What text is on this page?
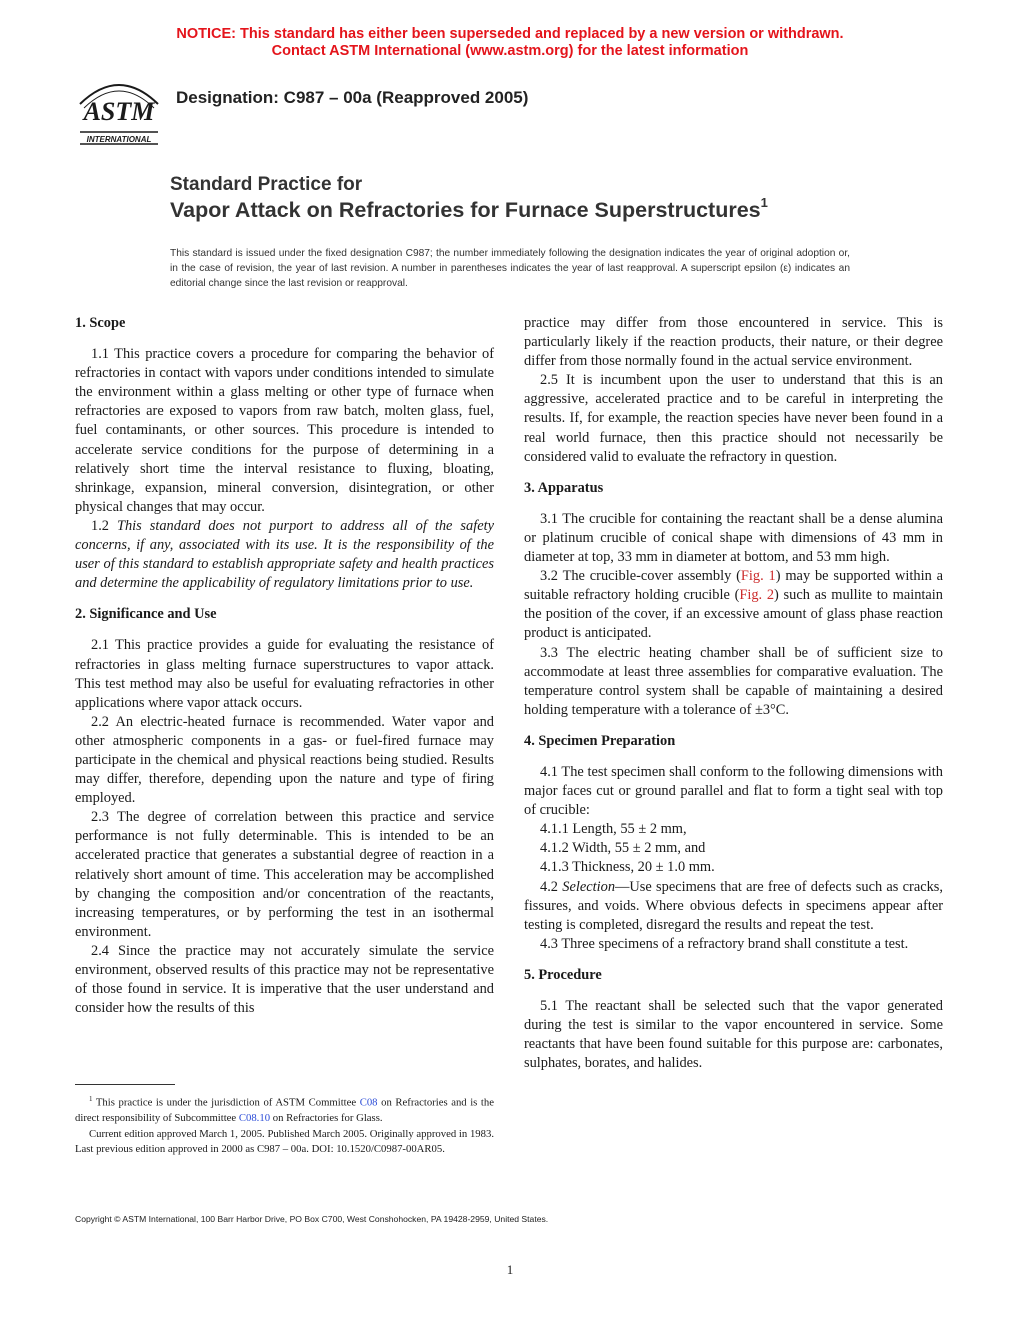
NOTICE: This standard has either been superseded and replaced by a new version or withdrawn.
Contact ASTM International (www.astm.org) for the latest information
ASTM
INTERNATIONAL
Designation: C987 – 00a (Reapproved 2005)
Standard Practice for
Vapor Attack on Refractories for Furnace Superstructures$^1$
This standard is issued under the fixed designation C987; the number immediately following the designation indicates the year of original adoption or, in the case of revision, the year of last revision. A number in parentheses indicates the year of last reapproval. A superscript epsilon (ε) indicates an editorial change since the last revision or reapproval.
1. Scope

1.1 This practice covers a procedure for comparing the behavior of refractories in contact with vapors under conditions intended to simulate the environment within a glass melting or other type of furnace when refractories are exposed to vapors from raw batch, molten glass, fuel, fuel contaminants, or other sources. This procedure is intended to accelerate service conditions for the purpose of determining in a relatively short time the interval resistance to fluxing, bloating, shrinkage, expansion, mineral conversion, disintegration, or other physical changes that may occur.

1.2 This standard does not purport to address all of the safety concerns, if any, associated with its use. It is the responsibility of the user of this standard to establish appropriate safety and health practices and determine the applicability of regulatory limitations prior to use.

2. Significance and Use

2.1 This practice provides a guide for evaluating the resistance of refractories in glass melting furnace superstructures to vapor attack. This test method may also be useful for evaluating refractories in other applications where vapor attack occurs.

2.2 An electric-heated furnace is recommended. Water vapor and other atmospheric components in a gas- or fuel-fired furnace may participate in the chemical and physical reactions being studied. Results may differ, therefore, depending upon the nature and type of firing employed.

2.3 The degree of correlation between this practice and service performance is not fully determinable. This is intended to be an accelerated practice that generates a substantial degree of reaction in a relatively short amount of time. This acceleration may be accomplished by changing the composition and/or concentration of the reactants, increasing temperatures, or by performing the test in an isothermal environment.

2.4 Since the practice may not accurately simulate the service environment, observed results of this practice may not be representative of those found in service. It is imperative that the user understand and consider how the results of this

practice may differ from those encountered in service. This is particularly likely if the reaction products, their nature, or their degree differ from those normally found in the actual service environment.

2.5 It is incumbent upon the user to understand that this is an aggressive, accelerated practice and to be careful in interpreting the results. If, for example, the reaction species have never been found in a real world furnace, then this practice should not necessarily be considered valid to evaluate the refractory in question.

3. Apparatus

3.1 The crucible for containing the reactant shall be a dense alumina or platinum crucible of conical shape with dimensions of 43 mm in diameter at top, 33 mm in diameter at bottom, and 53 mm high.

3.2 The crucible-cover assembly (Fig. 1) may be supported within a suitable refractory holding crucible (Fig. 2) such as mullite to maintain the position of the cover, if an excessive amount of glass phase reaction product is anticipated.

3.3 The electric heating chamber shall be of sufficient size to accommodate at least three assemblies for comparative evaluation. The temperature control system shall be capable of maintaining a desired holding temperature with a tolerance of ±3°C.

4. Specimen Preparation

4.1 The test specimen shall conform to the following dimensions with major faces cut or ground parallel and flat to form a tight seal with top of crucible:

4.1.1 Length, 55 ± 2 mm,

4.1.2 Width, 55 ± 2 mm, and

4.1.3 Thickness, 20 ± 1.0 mm.

4.2 Selection—Use specimens that are free of defects such as cracks, fissures, and voids. Where obvious defects in specimens appear after testing is completed, disregard the results and repeat the test.

4.3 Three specimens of a refractory brand shall constitute a test.

5. Procedure

5.1 The reactant shall be selected such that the vapor generated during the test is similar to the vapor encountered in service. Some reactants that have been found suitable for this purpose are: carbonates, sulphates, borates, and halides.

$^1$ This practice is under the jurisdiction of ASTM Committee C08 on Refractories and is the direct responsibility of Subcommittee C08.10 on Refractories for Glass.

Current edition approved March 1, 2005. Published March 2005. Originally approved in 1983. Last previous edition approved in 2000 as C987 – 00a. DOI: 10.1520/C0987-00AR05.

Copyright © ASTM International, 100 Barr Harbor Drive, PO Box C700, West Conshohocken, PA 19428-2959, United States.
1
